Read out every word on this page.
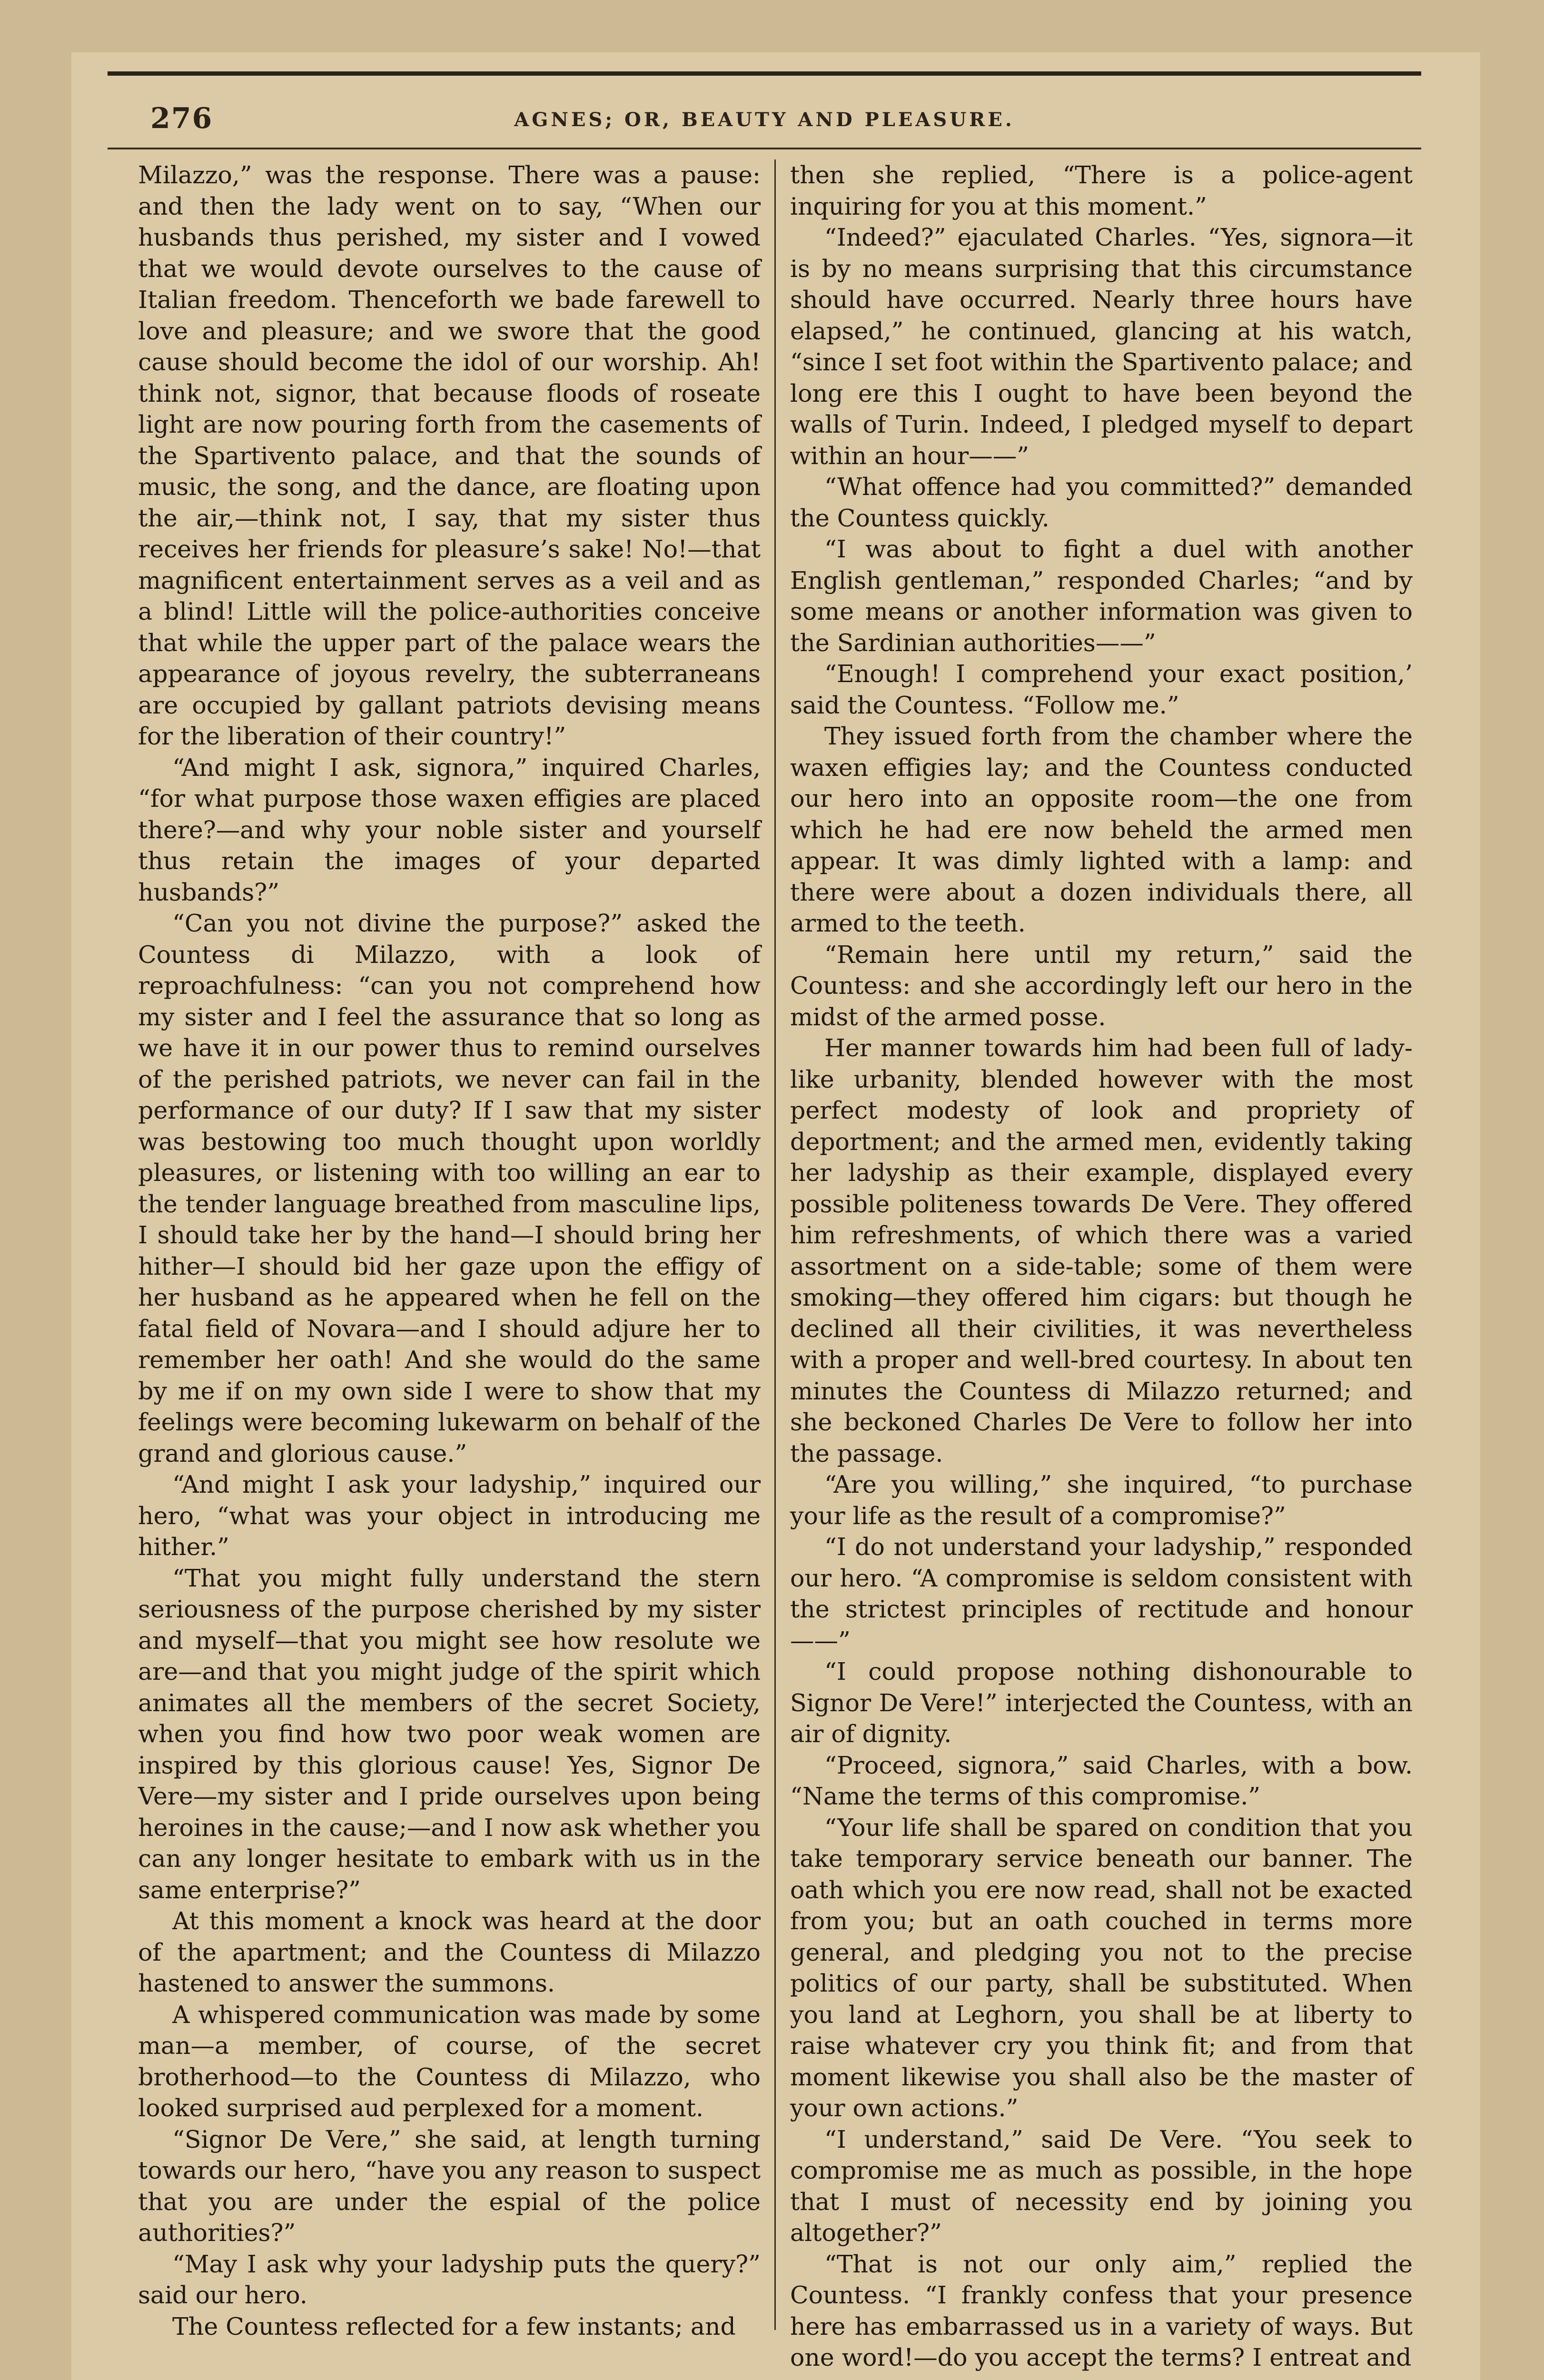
276	AGNES; OR, BEAUTY AND PLEASURE.

Milazzo,” was the response. There was a pause: and then the lady went on to say, “When our husbands thus perished, my sister and I vowed that we would devote ourselves to the cause of Italian freedom. Thenceforth we bade farewell to love and pleasure; and we swore that the good cause should become the idol of our worship. Ah! think not, signor, that because floods of roseate light are now pouring forth from the casements of the Spartivento palace, and that the sounds of music, the song, and the dance, are floating upon the air,—think not, I say, that my sister thus receives her friends for pleasure’s sake! No!—that magnificent entertainment serves as a veil and as a blind! Little will the police-authorities conceive that while the upper part of the palace wears the appearance of joyous revelry, the subterraneans are occupied by gallant patriots devising means for the liberation of their country!”

“And might I ask, signora,” inquired Charles, “for what purpose those waxen effigies are placed there?—and why your noble sister and yourself thus retain the images of your departed husbands?”

“Can you not divine the purpose?” asked the Countess di Milazzo, with a look of reproachfulness: “can you not comprehend how my sister and I feel the assurance that so long as we have it in our power thus to remind ourselves of the perished patriots, we never can fail in the performance of our duty? If I saw that my sister was bestowing too much thought upon worldly pleasures, or listening with too willing an ear to the tender language breathed from masculine lips, I should take her by the hand—I should bring her hither—I should bid her gaze upon the effigy of her husband as he appeared when he fell on the fatal field of Novara—and I should adjure her to remember her oath! And she would do the same by me if on my own side I were to show that my feelings were becoming lukewarm on behalf of the grand and glorious cause.”

“And might I ask your ladyship,” inquired our hero, “what was your object in introducing me hither.”

“That you might fully understand the stern seriousness of the purpose cherished by my sister and myself—that you might see how resolute we are—and that you might judge of the spirit which animates all the members of the secret Society, when you find how two poor weak women are inspired by this glorious cause! Yes, Signor De Vere—my sister and I pride ourselves upon being heroines in the cause;—and I now ask whether you can any longer hesitate to embark with us in the same enterprise?”

At this moment a knock was heard at the door of the apartment; and the Countess di Milazzo hastened to answer the summons.

A whispered communication was made by some man—a member, of course, of the secret brotherhood—to the Countess di Milazzo, who looked surprised aud perplexed for a moment.

“Signor De Vere,” she said, at length turning towards our hero, “have you any reason to suspect that you are under the espial of the police authorities?”

“May I ask why your ladyship puts the query?” said our hero.

The Countess reflected for a few instants; and

then she replied, “There is a police-agent inquiring for you at this moment.”

“Indeed?” ejaculated Charles. “Yes, signora—it is by no means surprising that this circumstance should have occurred. Nearly three hours have elapsed,” he continued, glancing at his watch, “since I set foot within the Spartivento palace; and long ere this I ought to have been beyond the walls of Turin. Indeed, I pledged myself to depart within an hour——”

“What offence had you committed?” demanded the Countess quickly.

“I was about to fight a duel with another English gentleman,” responded Charles; “and by some means or another information was given to the Sardinian authorities——”

“Enough! I comprehend your exact position,’ said the Countess. “Follow me.”

They issued forth from the chamber where the waxen effigies lay; and the Countess conducted our hero into an opposite room—the one from which he had ere now beheld the armed men appear. It was dimly lighted with a lamp: and there were about a dozen individuals there, all armed to the teeth.

“Remain here until my return,” said the Countess: and she accordingly left our hero in the midst of the armed posse.

Her manner towards him had been full of lady-like urbanity, blended however with the most perfect modesty of look and propriety of deportment; and the armed men, evidently taking her ladyship as their example, displayed every possible politeness towards De Vere. They offered him refreshments, of which there was a varied assortment on a side-table; some of them were smoking—they offered him cigars: but though he declined all their civilities, it was nevertheless with a proper and well-bred courtesy. In about ten minutes the Countess di Milazzo returned; and she beckoned Charles De Vere to follow her into the passage.

“Are you willing,” she inquired, “to purchase your life as the result of a compromise?”

“I do not understand your ladyship,” responded our hero. “A compromise is seldom consistent with the strictest principles of rectitude and honour——”

“I could propose nothing dishonourable to Signor De Vere!” interjected the Countess, with an air of dignity.

“Proceed, signora,” said Charles, with a bow. “Name the terms of this compromise.”

“Your life shall be spared on condition that you take temporary service beneath our banner. The oath which you ere now read, shall not be exacted from you; but an oath couched in terms more general, and pledging you not to the precise politics of our party, shall be substituted. When you land at Leghorn, you shall be at liberty to raise whatever cry you think fit; and from that moment likewise you shall also be the master of your own actions.”

“I understand,” said De Vere. “You seek to compromise me as much as possible, in the hope that I must of necessity end by joining you altogether?”

“That is not our only aim,” replied the Countess. “I frankly confess that your presence here has embarrassed us in a variety of ways. But one word!—do you accept the terms? I entreat and
